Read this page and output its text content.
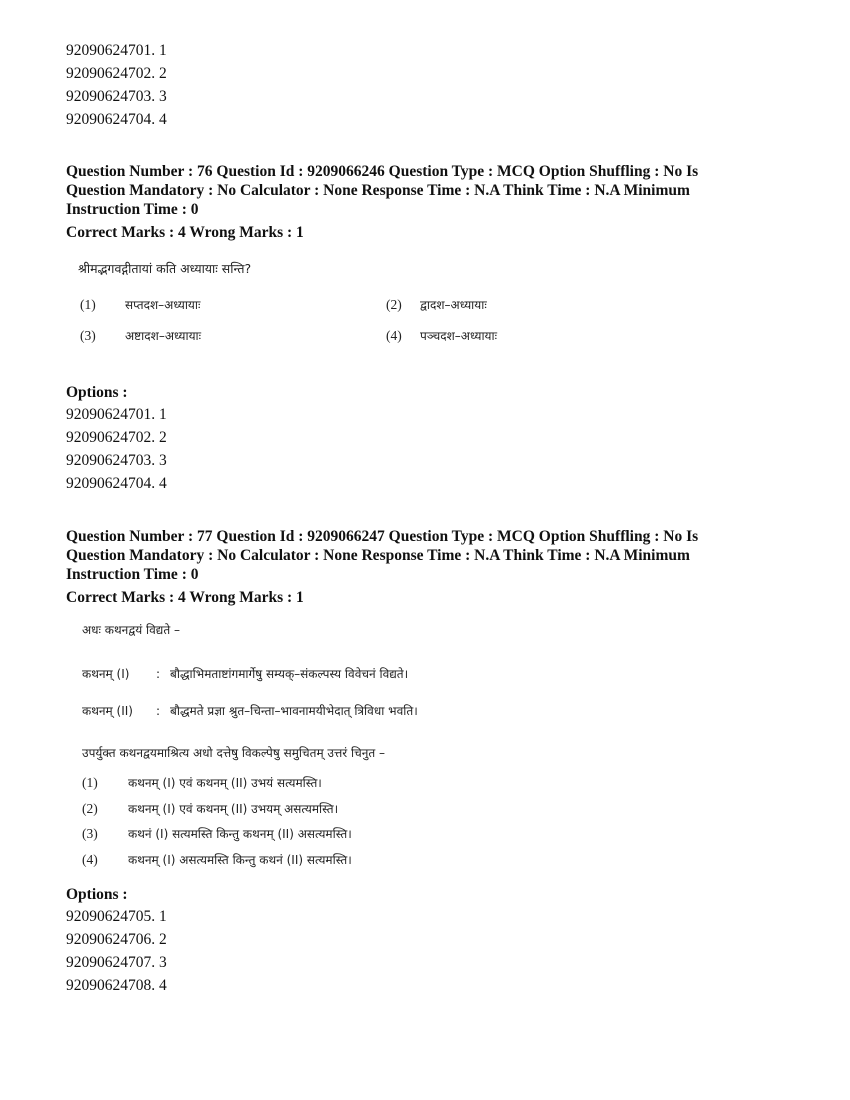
92090624701. 1
92090624702. 2
92090624703. 3
92090624704. 4
Question Number : 76 Question Id : 9209066246 Question Type : MCQ Option Shuffling : No Is
Question Mandatory : No Calculator : None Response Time : N.A Think Time : N.A Minimum
Instruction Time : 0
Correct Marks : 4 Wrong Marks : 1
श्रीमद्भगवद्गीतायां कति अध्यायाः सन्ति?
(1) सप्तदश–अध्यायाः	(2) द्वादश–अध्यायाः
(3) अष्टादश–अध्यायाः	(4) पञ्चदश–अध्यायाः
Options :
92090624701. 1
92090624702. 2
92090624703. 3
92090624704. 4
Question Number : 77 Question Id : 9209066247 Question Type : MCQ Option Shuffling : No Is
Question Mandatory : No Calculator : None Response Time : N.A Think Time : N.A Minimum
Instruction Time : 0
Correct Marks : 4 Wrong Marks : 1
अधः कथनद्वयं विद्यते –
कथनम् (I) : बौद्धाभिमताष्टांगमार्गेषु सम्यक्–संकल्पस्य विवेचनं विद्यते।
कथनम् (II) : बौद्धमते प्रज्ञा श्रुत–चिन्ता–भावनामयीभेदात् त्रिविधा भवति।
उपर्युक्त कथनद्वयमाश्रित्य अधो दत्तेषु विकल्पेषु समुचितम् उत्तरं चिनुत –
(1)	कथनम् (I) एवं कथनम् (II) उभयं सत्यमस्ति।
(2)	कथनम् (I) एवं कथनम् (II) उभयम् असत्यमस्ति।
(3)	कथनं (I) सत्यमस्ति किन्तु कथनम् (II) असत्यमस्ति।
(4)	कथनम् (I) असत्यमस्ति किन्तु कथनं (II) सत्यमस्ति।
Options :
92090624705. 1
92090624706. 2
92090624707. 3
92090624708. 4
